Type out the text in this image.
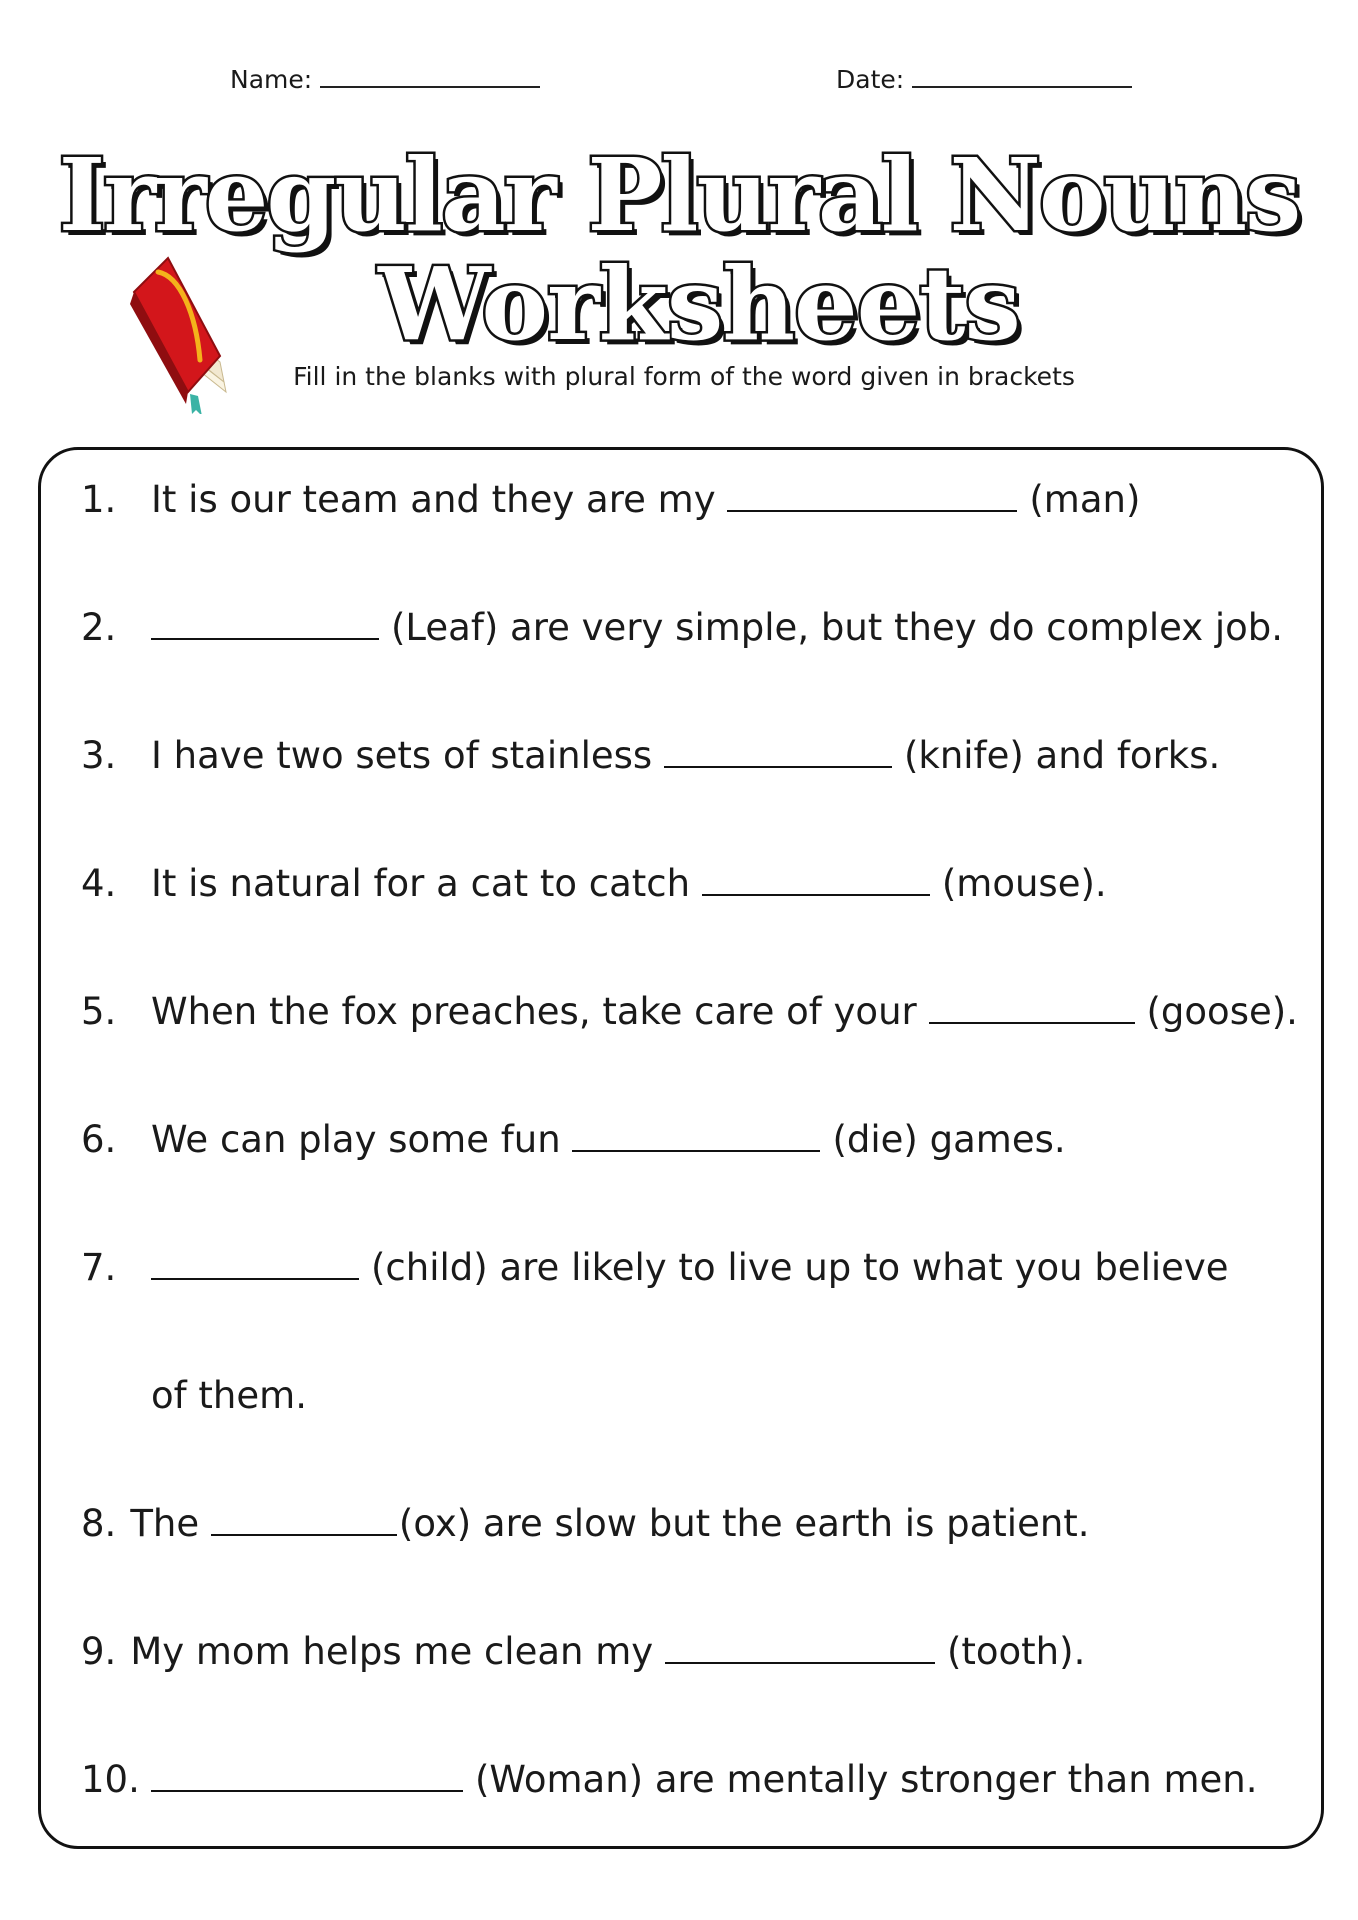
Name:	Date:
Irregular Plural Nouns
Worksheets
Fill in the blanks with plural form of the word given in brackets
1. It is our team and they are my	(man)
2.	(Leaf) are very simple, but they do complex job.
3. I have two sets of stainless	(knife) and forks.
4. It is natural for a cat to catch	(mouse).
5. When the fox preaches, take care of your	(goose).
6. We can play some fun	(die) games.
7.	(child) are likely to live up to what you believe
of them.
8. The	(ox) are slow but the earth is patient.
9. My mom helps me clean my	(tooth).
10.	(Woman) are mentally stronger than men.
